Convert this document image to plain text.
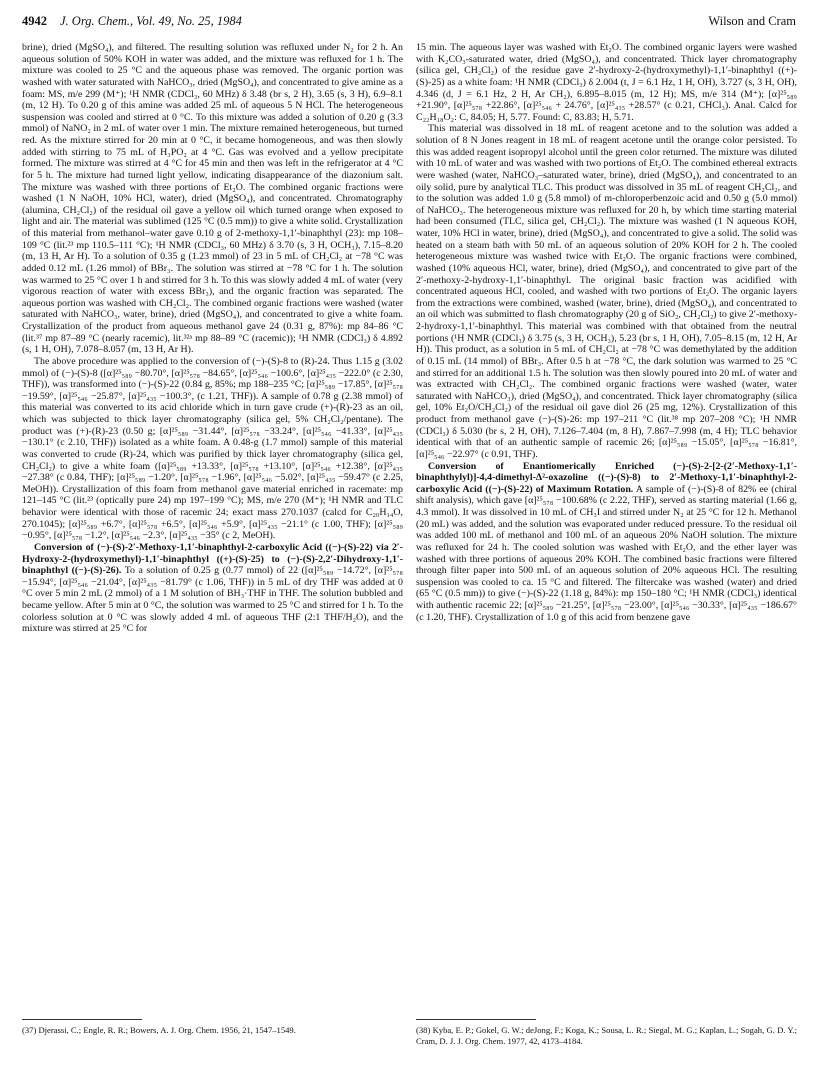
4942 J. Org. Chem., Vol. 49, No. 25, 1984	Wilson and Cram

brine), dried (MgSO₄), and filtered. The resulting solution was refluxed under N₂ for 2 h. An aqueous solution of 50% KOH in water was added, and the mixture was refluxed for 1 h. The mixture was cooled to 25 °C and the aqueous phase was removed. The organic portion was washed with water saturated with NaHCO₃, dried (MgSO₄), and concentrated to give amine as a foam: MS, m/e 299 (M⁺); ¹H NMR (CDCl₃, 60 MHz) δ 3.48 (br s, 2 H), 3.65 (s, 3 H), 6.9–8.1 (m, 12 H). To 0.20 g of this amine was added 25 mL of aqueous 5 N HCl. The heterogeneous suspension was cooled and stirred at 0 °C. To this mixture was added a solution of 0.20 g (3.3 mmol) of NaNO₂ in 2 mL of water over 1 min. The mixture remained heterogeneous, but turned red. As the mixture stirred for 20 min at 0 °C, it became homogeneous, and was then slowly added with stirring to 75 mL of H₃PO₂ at 4 °C. Gas was evolved and a yellow precipitate formed. The mixture was stirred at 4 °C for 45 min and then was left in the refrigerator at 4 °C for 5 h. The mixture had turned light yellow, indicating disappearance of the diazonium salt. The mixture was washed with three portions of Et₂O. The combined organic fractions were washed (1 N NaOH, 10% HCl, water), dried (MgSO₄), and concentrated. Chromatography (alumina, CH₂Cl₂) of the residual oil gave a yellow oil which turned orange when exposed to light and air. The material was sublimed (125 °C (0.5 mm)) to give a white solid. Crystallization of this material from methanol–water gave 0.10 g of 2-methoxy-1,1′-binaphthyl (23): mp 108–109 °C (lit.²³ mp 110.5–111 °C); ¹H NMR (CDCl₃, 60 MHz) δ 3.70 (s, 3 H, OCH₃), 7.15–8.20 (m, 13 H, Ar H). To a solution of 0.35 g (1.23 mmol) of 23 in 5 mL of CH₂Cl₂ at −78 °C was added 0.12 mL (1.26 mmol) of BBr₃. The solution was stirred at −78 °C for 1 h. The solution was warmed to 25 °C over 1 h and stirred for 3 h. To this was slowly added 4 mL of water (very vigorous reaction of water with excess BBr₃), and the organic fraction was separated. The aqueous portion was washed with CH₂Cl₂. The combined organic fractions were washed (water saturated with NaHCO₃, water, brine), dried (MgSO₄), and concentrated to give a white foam. Crystallization of the product from aqueous methanol gave 24 (0.31 g, 87%): mp 84–86 °C (lit.³⁷ mp 87–89 °C (nearly racemic), lit.³²ᵃ mp 88–89 °C (racemic)); ¹H NMR (CDCl₃) δ 4.892 (s, 1 H, OH), 7.078–8.057 (m, 13 H, Ar H).

The above procedure was applied to the conversion of (−)-(S)-8 to (R)-24. Thus 1.15 g (3.02 mmol) of (−)-(S)-8 ([α]²⁵₅₈₉ −80.70°, [α]²⁵₅₇₈ −84.65°, [α]²⁵₅₄₆ −100.6°, [α]²⁵₄₃₅ −222.0° (c 2.30, THF)), was transformed into (−)-(S)-22 (0.84 g, 85%; mp 188–235 °C; [α]²⁵₅₈₉ −17.85°, [α]²⁵₅₇₈ −19.59°, [α]²⁵₅₄₆ −25.87°, [α]²⁵₄₃₅ −100.3°, (c 1.21, THF)). A sample of 0.78 g (2.38 mmol) of this material was converted to its acid chloride which in turn gave crude (+)-(R)-23 as an oil, which was subjected to thick layer chromatography (silica gel, 5% CH₂Cl₂/pentane). The product was (+)-(R)-23 (0.50 g; [α]²⁵₅₈₉ −31.44°, [α]²⁵₅₇₈ −33.24°, [α]²⁵₅₄₆ −41.33°, [α]²⁵₄₃₅ −130.1° (c 2.10, THF)) isolated as a white foam. A 0.48-g (1.7 mmol) sample of this material was converted to crude (R)-24, which was purified by thick layer chromatography (silica gel, CH₂Cl₂) to give a white foam ([α]²⁵₅₈₉ +13.33°, [α]²⁵₅₇₈ +13.10°, [α]²⁵₅₄₆ +12.38°, [α]²⁵₄₃₅ −27.38° (c 0.84, THF); [α]²⁵₅₈₉ −1.20°, [α]²⁵₅₇₈ −1.96°, [α]²⁵₅₄₆ −5.02°, [α]²⁵₄₃₅ −59.47° (c 2.25, MeOH)). Crystallization of this foam from methanol gave material enriched in racemate: mp 121–145 °C (lit.²³ (optically pure 24) mp 197–199 °C); MS, m/e 270 (M⁺); ¹H NMR and TLC behavior were identical with those of racemic 24; exact mass 270.1037 (calcd for C₂₀H₁₄O, 270.1045); [α]²⁵₅₈₉ +6.7°, [α]²⁵₅₇₈ +6.5°, [α]²⁵₅₄₆ +5.9°, [α]²⁵₄₃₅ −21.1° (c 1.00, THF); [α]²⁵₅₈₉ −0.95°, [α]²⁵₅₇₈ −1.2°, [α]²⁵₅₄₆ −2.3°, [α]²⁵₄₃₅ −35° (c 2, MeOH).

Conversion of (−)-(S)-2′-Methoxy-1,1′-binaphthyl-2-carboxylic Acid ((−)-(S)-22) via 2′-Hydroxy-2-(hydroxymethyl)-1,1′-binaphthyl ((+)-(S)-25) to (−)-(S)-2,2′-Dihydroxy-1,1′-binaphthyl ((−)-(S)-26). To a solution of 0.25 g (0.77 mmol) of 22 ([α]²⁵₅₈₉ −14.72°, [α]²⁵₅₇₈ −15.94°, [α]²⁵₅₄₆ −21.04°, [α]²⁵₄₃₅ −81.79° (c 1.06, THF)) in 5 mL of dry THF was added at 0 °C over 5 min 2 mL (2 mmol) of a 1 M solution of BH₃·THF in THF. The solution bubbled and became yellow. After 5 min at 0 °C, the solution was warmed to 25 °C and stirred for 1 h. To the colorless solution at 0 °C was slowly added 4 mL of aqueous THF (2:1 THF/H₂O), and the mixture was stirred at 25 °C for

15 min. The aqueous layer was washed with Et₂O. The combined organic layers were washed with K₂CO₃-saturated water, dried (MgSO₄), and concentrated. Thick layer chromatography (silica gel, CH₂Cl₂) of the residue gave 2′-hydroxy-2-(hydroxymethyl)-1,1′-binaphthyl ((+)-(S)-25) as a white foam: ¹H NMR (CDCl₃) δ 2.004 (t, J = 6.1 Hz, 1 H, OH), 3.727 (s, 3 H, OH), 4.346 (d, J = 6.1 Hz, 2 H, Ar CH₂), 6.895–8.015 (m, 12 H); MS, m/e 314 (M⁺); [α]²⁵₅₈₉ +21.90°, [α]²⁵₅₇₈ +22.86°, [α]²⁵₅₄₆ + 24.76°, [α]²⁵₄₃₅ +28.57° (c 0.21, CHCl₃). Anal. Calcd for C₂₂H₁₈O₂: C, 84.05; H, 5.77. Found: C, 83.83; H, 5.71.

This material was dissolved in 18 mL of reagent acetone and to the solution was added a solution of 8 N Jones reagent in 18 mL of reagent acetone until the orange color persisted. To this was added reagent isopropyl alcohol until the green color returned. The mixture was diluted with 10 mL of water and was washed with two portions of Et₂O. The combined ethereal extracts were washed (water, NaHCO₃–saturated water, brine), dried (MgSO₄), and concentrated to an oily solid, pure by analytical TLC. This product was dissolved in 35 mL of reagent CH₂Cl₂, and to the solution was added 1.0 g (5.8 mmol) of m-chloroperbenzoic acid and 0.50 g (5.0 mmol) of NaHCO₃. The heterogeneous mixture was refluxed for 20 h, by which time starting material had been consumed (TLC, silica gel, CH₂Cl₂). The mixture was washed (1 N aqueous KOH, water, 10% HCl in water, brine), dried (MgSO₄), and concentrated to give a solid. The solid was heated on a steam bath with 50 mL of an aqueous solution of 20% KOH for 2 h. The cooled heterogeneous mixture was washed twice with Et₂O. The organic fractions were combined, washed (10% aqueous HCl, water, brine), dried (MgSO₄), and concentrated to give part of the 2′-methoxy-2-hydroxy-1,1′-binaphthyl. The original basic fraction was acidified with concentrated aqueous HCl, cooled, and washed with two portions of Et₂O. The organic layers from the extractions were combined, washed (water, brine), dried (MgSO₄), and concentrated to an oil which was submitted to flash chromatography (20 g of SiO₂, CH₂Cl₂) to give 2′-methoxy-2-hydroxy-1,1′-binaphthyl. This material was combined with that obtained from the neutral portions (¹H NMR (CDCl₃) δ 3.75 (s, 3 H, OCH₃), 5.23 (br s, 1 H, OH), 7.05–8.15 (m, 12 H, Ar H)). This product, as a solution in 5 mL of CH₂Cl₂ at −78 °C was demethylated by the addition of 0.15 mL (14 mmol) of BBr₃. After 0.5 h at −78 °C, the dark solution was warmed to 25 °C and stirred for an additional 1.5 h. The solution was then slowly poured into 20 mL of water and was extracted with CH₂Cl₂. The combined organic fractions were washed (water, water saturated with NaHCO₃), dried (MgSO₄), and concentrated. Thick layer chromatography (silica gel, 10% Et₂O/CH₂Cl₂) of the residual oil gave diol 26 (25 mg, 12%). Crystallization of this product from methanol gave (−)-(S)-26: mp 197–211 °C (lit.³⁸ mp 207–208 °C); ¹H NMR (CDCl₃) δ 5.030 (br s, 2 H, OH), 7.126–7.404 (m, 8 H), 7.867–7.998 (m, 4 H); TLC behavior identical with that of an authentic sample of racemic 26; [α]²⁵₅₈₉ −15.05°, [α]²⁵₅₇₈ −16.81°, [α]²⁵₅₄₆ −22.97° (c 0.91, THF).

Conversion of Enantiomerically Enriched (−)-(S)-2-[2-(2′-Methoxy-1,1′-binaphthylyl)]-4,4-dimethyl-Δ²-oxazoline ((−)-(S)-8) to 2′-Methoxy-1,1′-binaphthyl-2-carboxylic Acid ((−)-(S)-22) of Maximum Rotation. A sample of (−)-(S)-8 of 82% ee (chiral shift analysis), which gave [α]²⁵₅₇₈ −100.68% (c 2.22, THF), served as starting material (1.66 g, 4.3 mmol). It was dissolved in 10 mL of CH₃I and stirred under N₂ at 25 °C for 12 h. Methanol (20 mL) was added, and the solution was evaporated under reduced pressure. To the residual oil was added 100 mL of methanol and 100 mL of an aqueous 20% NaOH solution. The mixture was refluxed for 24 h. The cooled solution was washed with Et₂O, and the ether layer was washed with three portions of aqueous 20% KOH. The combined basic fractions were filtered through filter paper into 500 mL of an aqueous solution of 20% aqueous HCl. The resulting suspension was cooled to ca. 15 °C and filtered. The filtercake was washed (water) and dried (65 °C (0.5 mm)) to give (−)-(S)-22 (1.18 g, 84%): mp 150–180 °C; ¹H NMR (CDCl₃) identical with authentic racemic 22; [α]²⁵₅₈₉ −21.25°, [α]²⁵₅₇₈ −23.00°, [α]²⁵₅₄₆ −30.33°, [α]²⁵₄₃₅ −186.67° (c 1.20, THF). Crystallization of 1.0 g of this acid from benzene gave

(37) Djerassi, C.; Engle, R. R.; Bowers, A. J. Org. Chem. 1956, 21, 1547–1549.	(38) Kyba, E. P.; Gokel, G. W.; deJong, F.; Koga, K.; Sousa, L. R.; Siegal, M. G.; Kaplan, L.; Sogah, G. D. Y.; Cram, D. J. J. Org. Chem. 1977, 42, 4173–4184.
